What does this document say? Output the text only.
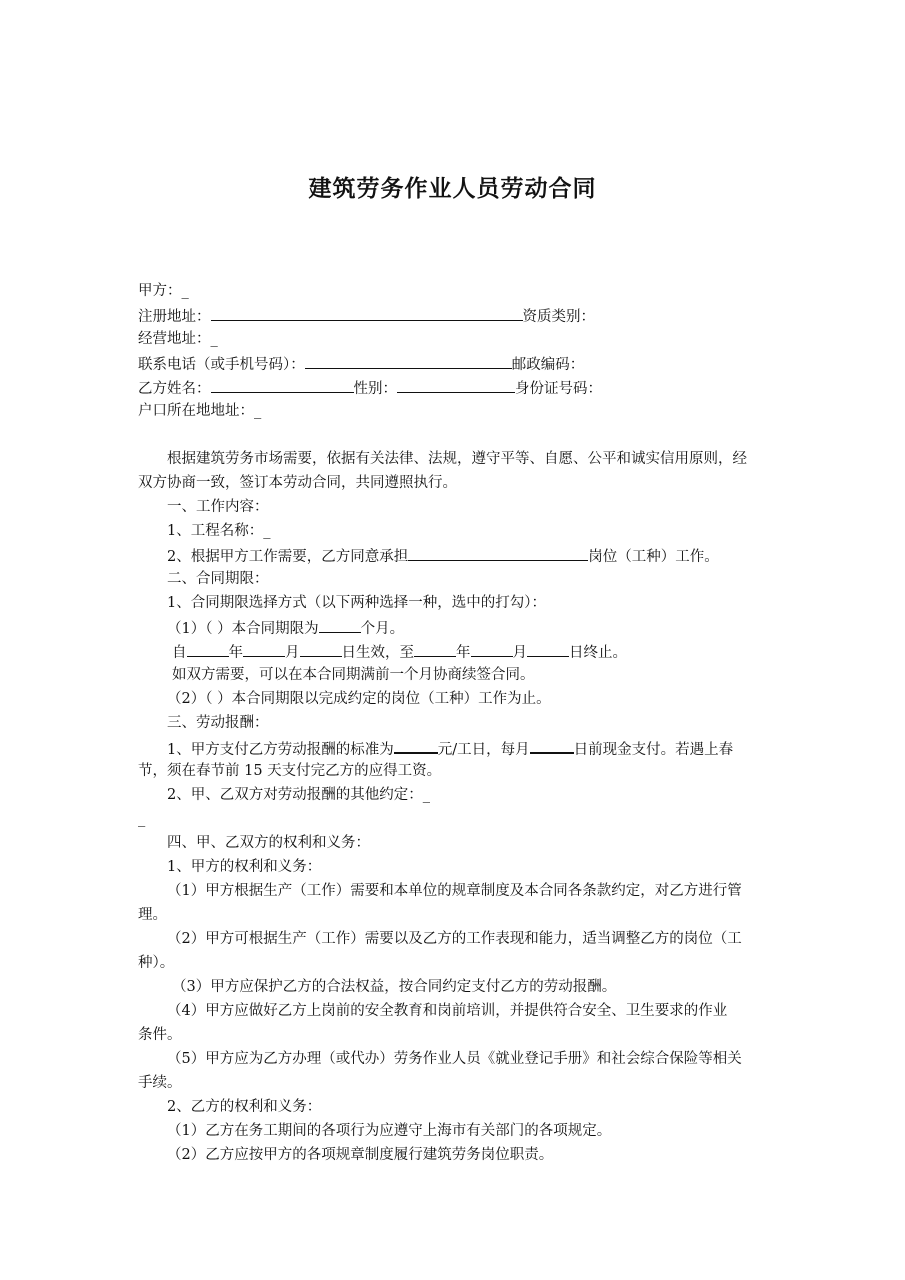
建筑劳务作业人员劳动合同
甲方：_
注册地址：	资质类别：
经营地址：_
联系电话（或手机号码）：	邮政编码：
乙方姓名：	性别：	身份证号码：
户口所在地地址：_
根据建筑劳务市场需要，依据有关法律、法规，遵守平等、自愿、公平和诚实信用原则，经
双方协商一致，签订本劳动合同，共同遵照执行。
一、工作内容：
1、工程名称：_
2、根据甲方工作需要，乙方同意承担	岗位（工种）工作。
二、合同期限：
1、合同期限选择方式（以下两种选择一种，选中的打勾）：
（1）（ ）本合同期限为	个月。
自	年	月	日生效，至	年	月	日终止。
如双方需要，可以在本合同期满前一个月协商续签合同。
（2）（ ）本合同期限以完成约定的岗位（工种）工作为止。
三、劳动报酬：
1、甲方支付乙方劳动报酬的标准为	元/工日，每月	日前现金支付。若遇上春
节，须在春节前 15 天支付完乙方的应得工资。
2、甲、乙双方对劳动报酬的其他约定：_
_
四、甲、乙双方的权利和义务：
1、甲方的权利和义务：
（1）甲方根据生产（工作）需要和本单位的规章制度及本合同各条款约定，对乙方进行管
理。
（2）甲方可根据生产（工作）需要以及乙方的工作表现和能力，适当调整乙方的岗位（工
种）。
（3）甲方应保护乙方的合法权益，按合同约定支付乙方的劳动报酬。
（4）甲方应做好乙方上岗前的安全教育和岗前培训，并提供符合安全、卫生要求的作业
条件。
（5）甲方应为乙方办理（或代办）劳务作业人员《就业登记手册》和社会综合保险等相关
手续。
2、乙方的权利和义务：
（1）乙方在务工期间的各项行为应遵守上海市有关部门的各项规定。
（2）乙方应按甲方的各项规章制度履行建筑劳务岗位职责。
